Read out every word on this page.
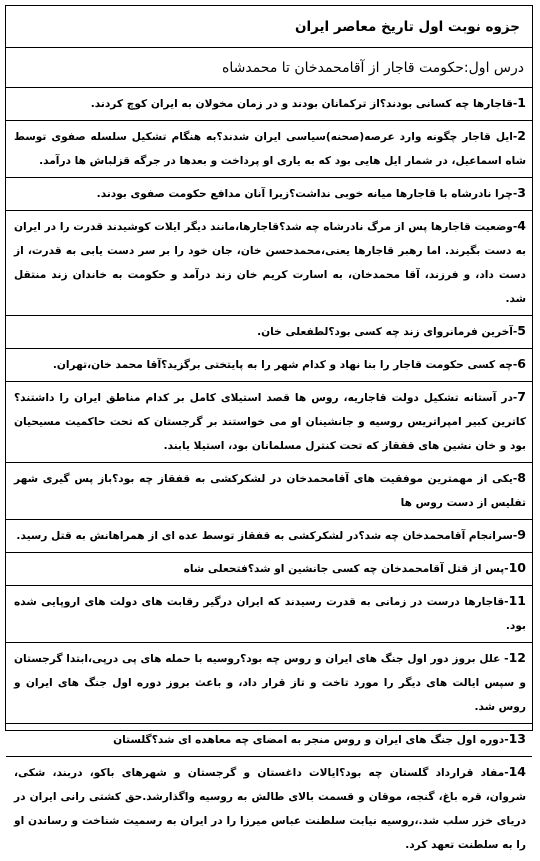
جزوه نوبت اول تاریخ معاصر ایران
درس اول:حکومت قاجار از آقامحمدخان تا محمدشاه
1-قاجارها چه کسانی بودند؟از ترکمانان بودند و در زمان مخولان به ایران کوچ کردند.
2-ایل قاجار چگونه وارد عرصه(صحنه)سیاسی ایران شدند؟به هنگام تشکیل سلسله صفوی توسط شاه اسماعیل، در شمار ایل هایی بود که به یاری او پرداخت و بعدها در جرگه قزلباش ها درآمد.
3-چرا نادرشاه با قاجارها میانه خوبی نداشت؟زیرا آنان مدافع حکومت صفوی بودند.
4-وضعیت قاجارها پس از مرگ نادرشاه چه شد؟قاجارها،مانند دیگر ایلات کوشیدند قدرت را در ایران به دست بگیرند. اما رهبر قاجارها یعنی،محمدحسن خان، جان خود را بر سر دست یابی به قدرت، از دست داد، و فرزند، آقا محمدخان، به اسارت کریم خان زند درآمد و حکومت به خاندان زند منتقل شد.
5-آخرین فرمانروای زند چه کسی بود؟لطفعلی خان.
6-چه کسی حکومت قاجار را بنا نهاد و کدام شهر را به پایتختی برگزید؟آقا محمد خان،تهران.
7-در آستانه تشکیل دولت قاجاریه، روس ها قصد استیلای کامل بر کدام مناطق ایران را داشتند؟کاترین کبیر امپراتریس روسیه و جانشینان او می خواستند بر گرجستان که تحت حاکمیت مسیحیان بود و خان نشین های قفقاز که تحت کنترل مسلمانان بود، استیلا یابند.
8-یکی از مهمترین موفقیت های آقامحمدخان در لشکرکشی به قفقاز چه بود؟باز پس گیری شهر تفلیس از دست روس ها
9-سرانجام آقامحمدخان چه شد؟در لشکرکشی به قفقاز توسط عده ای از همراهانش به قتل رسید.
10-پس از قتل آقامحمدخان چه کسی جانشین او شد؟فتحعلی شاه
11-قاجارها درست در زمانی به قدرت رسیدند که ایران درگیر رقابت های دولت های اروپایی شده بود.
12- علل بروز دور اول جنگ های ایران و روس چه بود؟روسیه با حمله های پی درپی،ابتدا گرجستان و سپس ایالت های دیگر را مورد تاخت و تاز قرار داد، و باعث بروز دوره اول جنگ های ایران و روس شد.
13-دوره اول جنگ های ایران و روس منجر به امضای چه معاهده ای شد؟گلستان
14-مفاد قرارداد گلستان چه بود؟ایالات داغستان و گرجستان و شهرهای باکو، دربند، شکی، شروان، قره باغ، گنجه، موقان و قسمت بالای طالش به روسیه واگذارشد.حق کشتی رانی ایران در دریای خزر سلب شد.،روسیه نیابت سلطنت عباس میرزا را در ایران به رسمیت شناخت و رساندن او را به سلطنت تعهد کرد.
